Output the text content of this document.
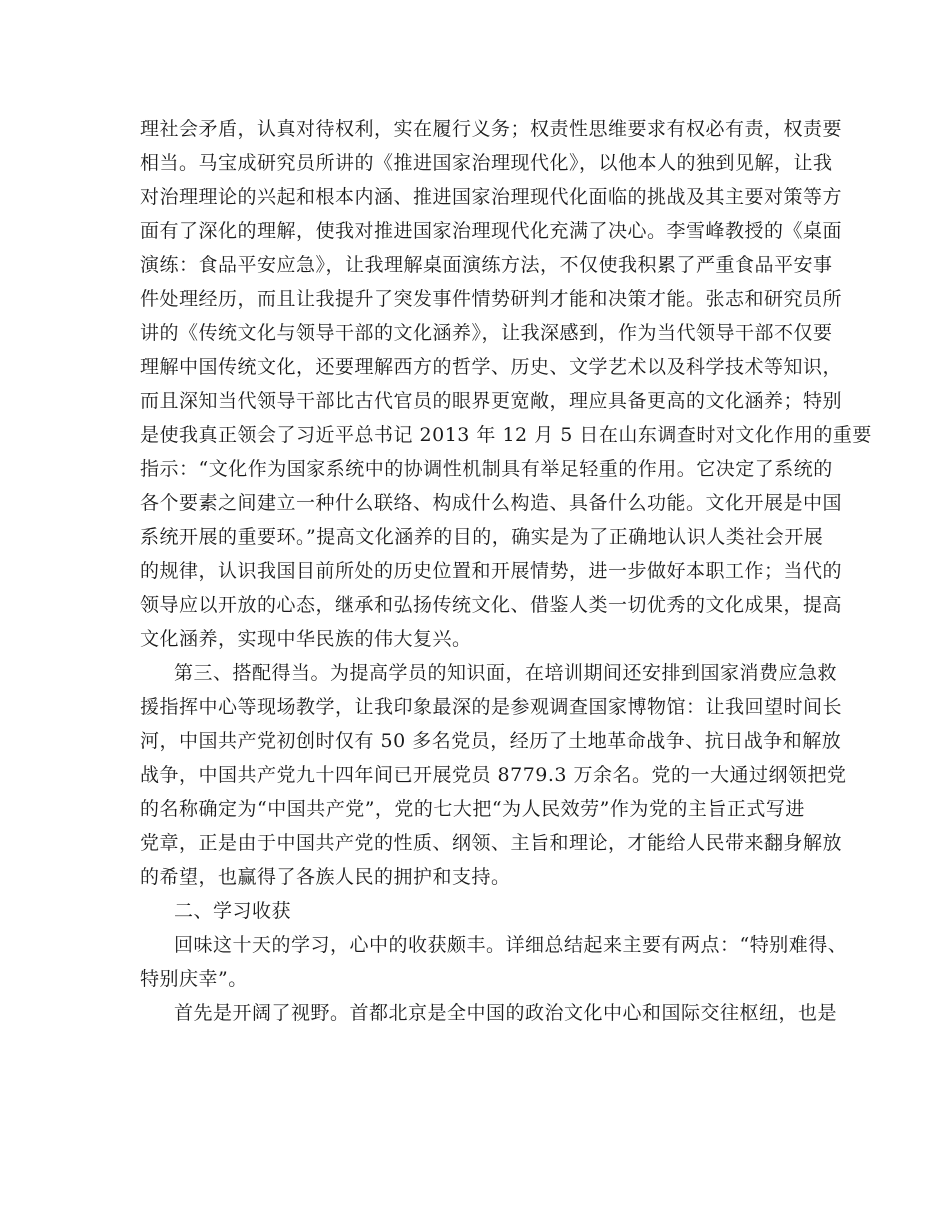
理社会矛盾，认真对待权利，实在履行义务；权责性思维要求有权必有责，权责要
相当。马宝成研究员所讲的《推进国家治理现代化》，以他本人的独到见解，让我
对治理理论的兴起和根本内涵、推进国家治理现代化面临的挑战及其主要对策等方
面有了深化的理解，使我对推进国家治理现代化充满了决心。李雪峰教授的《桌面
演练：食品平安应急》，让我理解桌面演练方法，不仅使我积累了严重食品平安事
件处理经历，而且让我提升了突发事件情势研判才能和决策才能。张志和研究员所
讲的《传统文化与领导干部的文化涵养》，让我深感到，作为当代领导干部不仅要
理解中国传统文化，还要理解西方的哲学、历史、文学艺术以及科学技术等知识，
而且深知当代领导干部比古代官员的眼界更宽敞，理应具备更高的文化涵养；特别
是使我真正领会了习近平总书记 2013 年 12 月 5 日在山东调查时对文化作用的重要
指示：“文化作为国家系统中的协调性机制具有举足轻重的作用。它决定了系统的
各个要素之间建立一种什么联络、构成什么构造、具备什么功能。文化开展是中国
系统开展的重要环。”提高文化涵养的目的，确实是为了正确地认识人类社会开展
的规律，认识我国目前所处的历史位置和开展情势，进一步做好本职工作；当代的
领导应以开放的心态，继承和弘扬传统文化、借鉴人类一切优秀的文化成果，提高
文化涵养，实现中华民族的伟大复兴。
第三、搭配得当。为提高学员的知识面，在培训期间还安排到国家消费应急救
援指挥中心等现场教学，让我印象最深的是参观调查国家博物馆：让我回望时间长
河，中国共产党初创时仅有 50 多名党员，经历了土地革命战争、抗日战争和解放
战争，中国共产党九十四年间已开展党员 8779.3 万余名。党的一大通过纲领把党
的名称确定为“中国共产党”，党的七大把“为人民效劳”作为党的主旨正式写进
党章，正是由于中国共产党的性质、纲领、主旨和理论，才能给人民带来翻身解放
的希望，也赢得了各族人民的拥护和支持。
二、学习收获
回味这十天的学习，心中的收获颇丰。详细总结起来主要有两点：“特别难得、
特别庆幸”。
首先是开阔了视野。首都北京是全中国的政治文化中心和国际交往枢纽，也是
